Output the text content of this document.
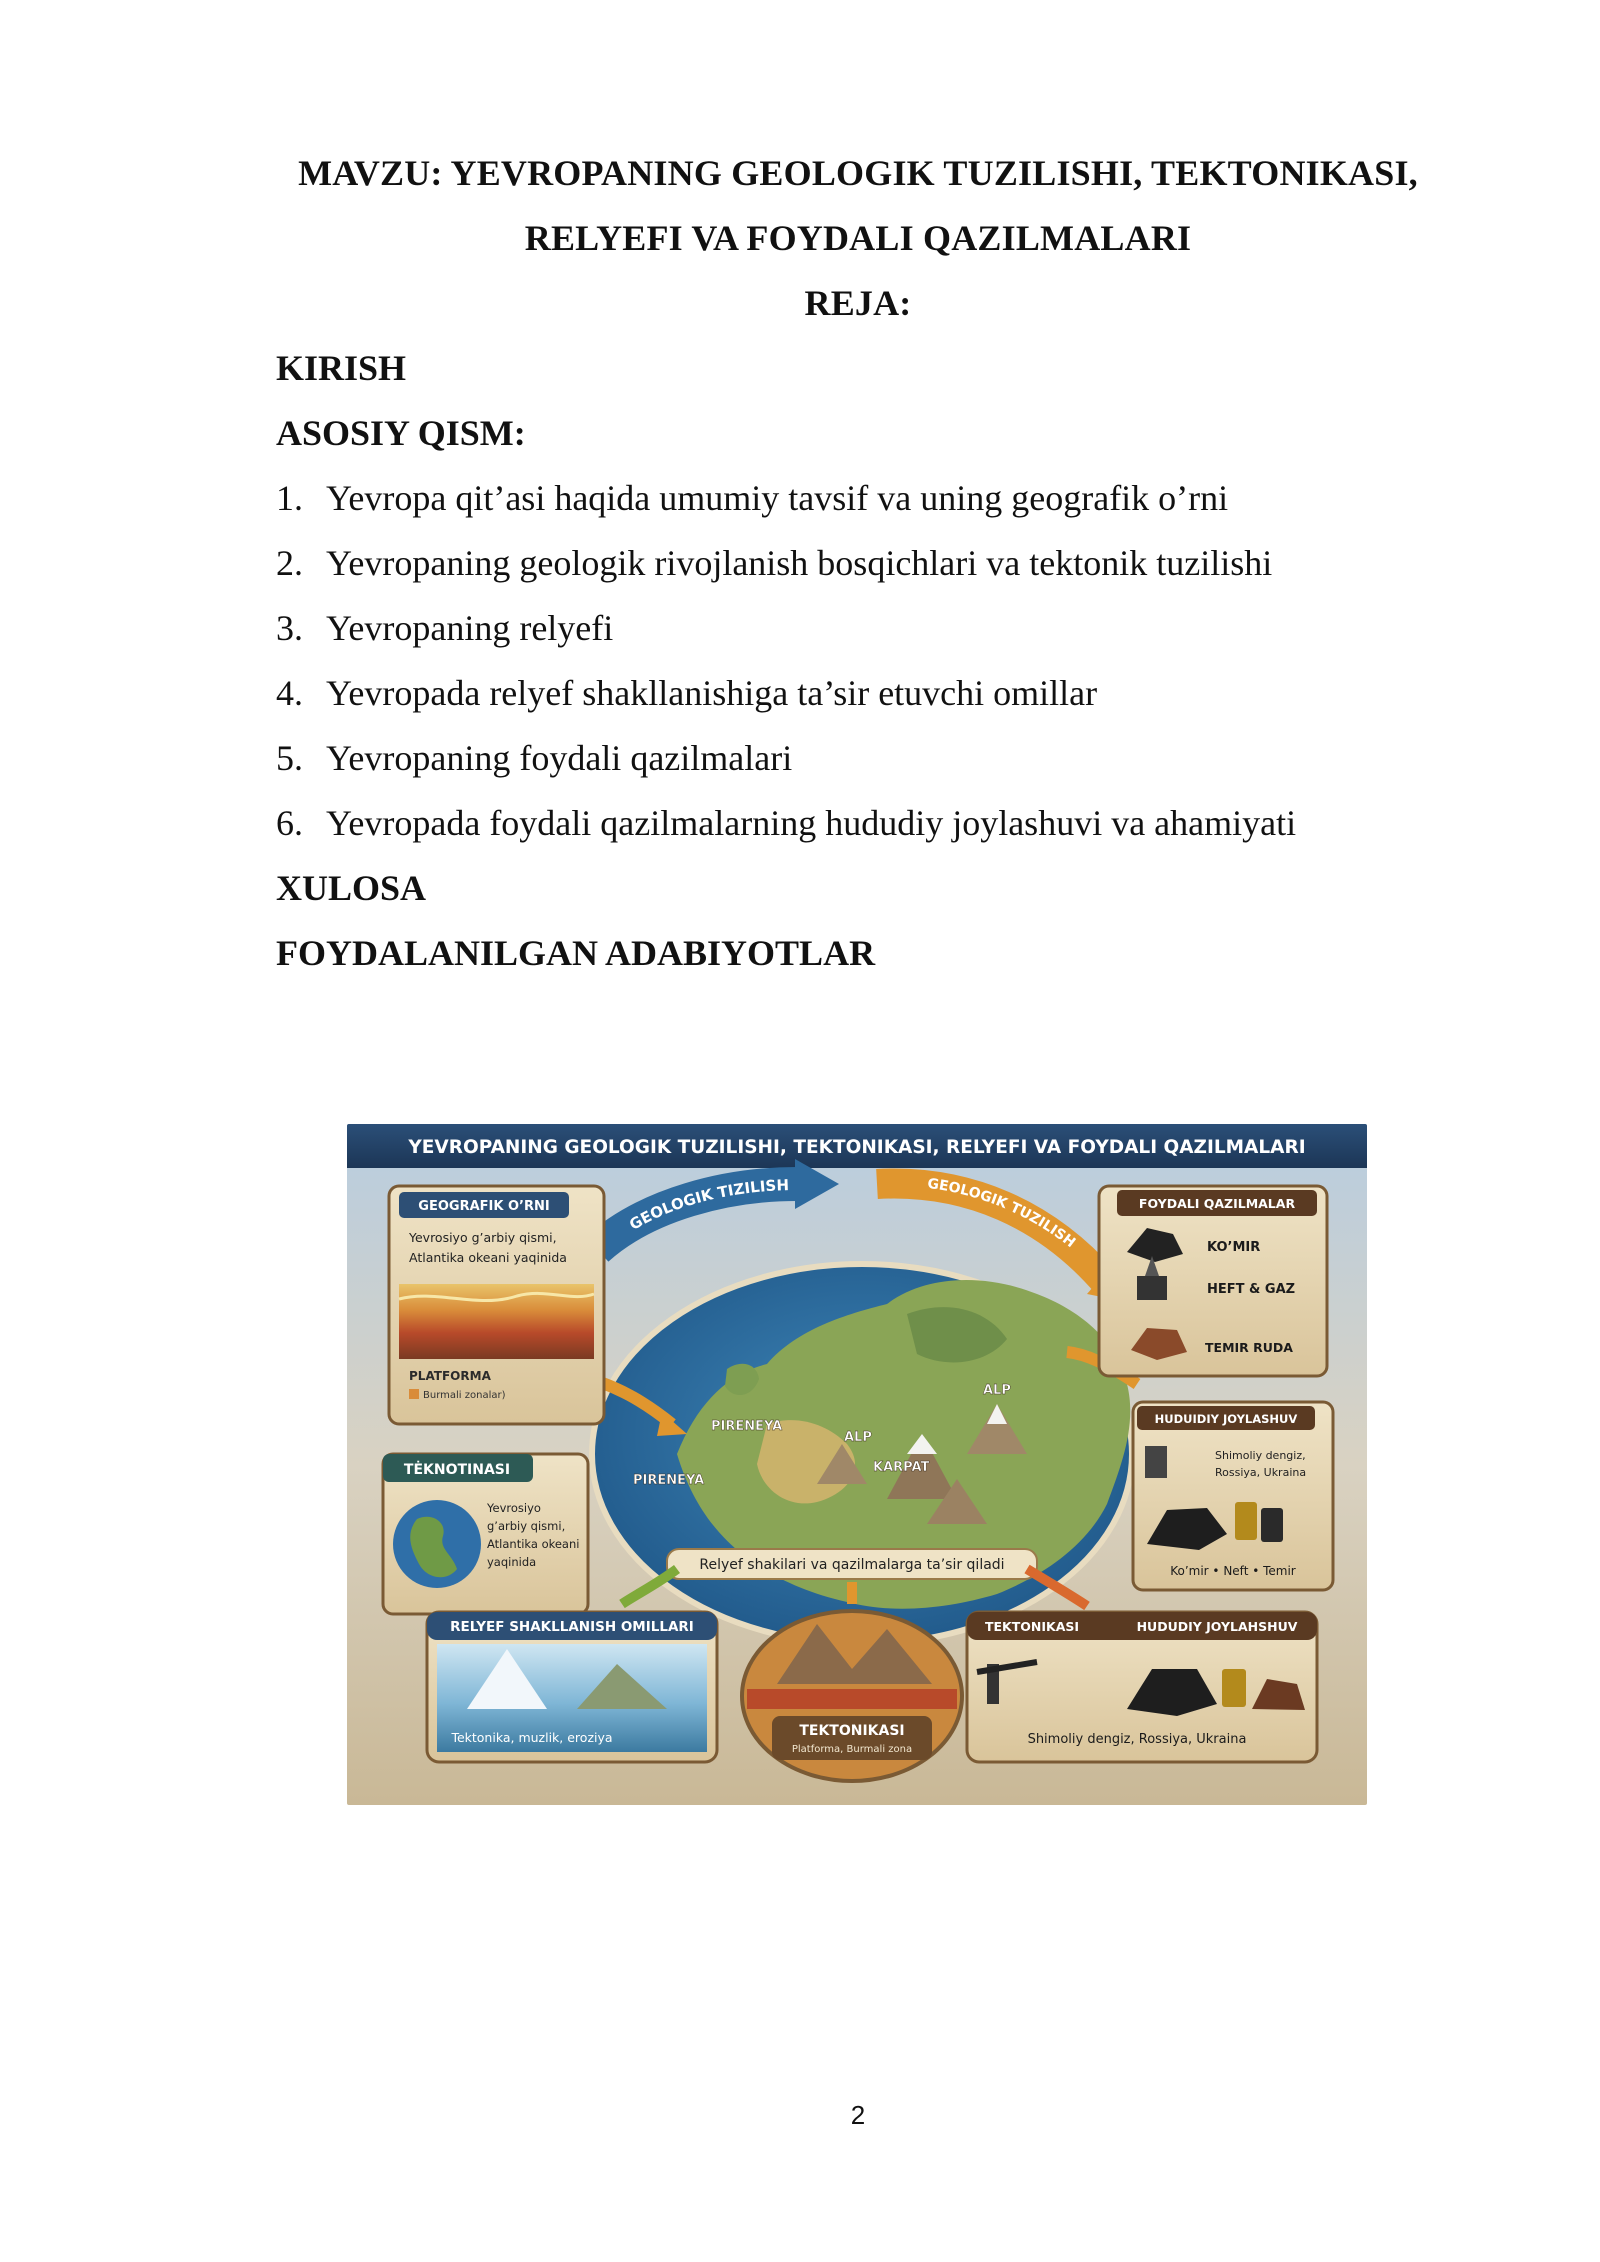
MAVZU: YEVROPANING GEOLOGIK TUZILISHI, TEKTONIKASI,
RELYEFI VA FOYDALI QAZILMALARI
REJA:
KIRISH
ASOSIY QISM:
1. Yevropa qit’asi haqida umumiy tavsif va uning geografik o’rni
2. Yevropaning geologik rivojlanish bosqichlari va tektonik tuzilishi
3. Yevropaning relyefi
4. Yevropada relyef shakllanishiga ta’sir etuvchi omillar
5. Yevropaning foydali qazilmalari
6. Yevropada foydali qazilmalarning hududiy joylashuvi va ahamiyati
XULOSA
FOYDALANILGAN ADABIYOTLAR
YEVROPANING GEOLOGIK TUZILISHI, TEKTONIKASI, RELYEFI VA FOYDALI QAZILMALARI
ALP
PIRENEYA
ALP
PIRENEYA
KARPAT
GEOLOGIK TIZILISH	GEOLOGIK TUZILISH
GEOGRAFIK O’RNI
Yevrosiyo g’arbiy qismi,
Atlantika okeani yaqinida
PLATFORMA
Burmali zonalar)
TĖKNOTINASI
Yevrosiyo
g’arbiy qismi,
Atlantika okeani
yaqinida
FOYDALI QAZILMALAR
KO’MIR
HEFT & GAZ
TEMIR RUDA
HUDUIDIY JOYLASHUV
Shimoliy dengiz,
Rossiya, Ukraina
Ko’mir • Neft • Temir
Relyef shakilari va qazilmalarga ta’sir qiladi
RELYEF SHAKLLANISH OMILLARI
Tektonika, muzlik, eroziya	TEKTONIKASI
Platforma, Burmali zona
TEKTONIKASI	HUDUDIY JOYLAHSHUV
Shimoliy dengiz, Rossiya, Ukraina
2
